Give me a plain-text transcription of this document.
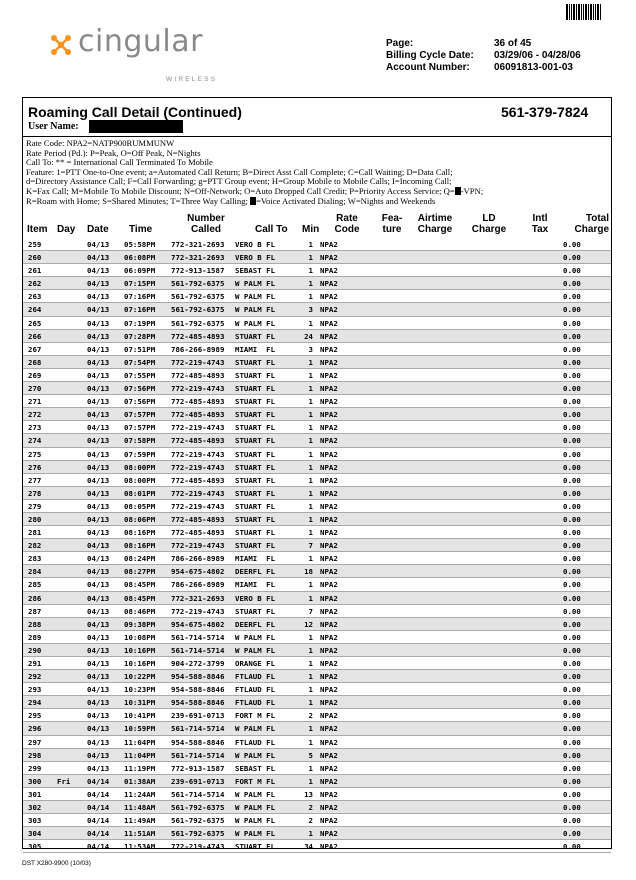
cingular
WIRELESS
Page:	36 of 45
Billing Cycle Date:	03/29/06 - 04/28/06
Account Number:	06091813-001-03
Roaming Call Detail (Continued)	561-379-7824
User Name:
Rate Code: NPA2=NATP900RUMMUNW
Rate Period (Pd.): P=Peak, O=Off Peak, N=Nights
Call To: ** = International Call Terminated To Mobile
Feature: 1=PTT One-to-One event; a=Automated Call Return; B=Direct Asst Call Complete; C=Call Waiting; D=Data Call;
d=Directory Assistance Call; F=Call Forwarding; g=PTT Group event; H=Group Mobile to Mobile Calls; I=Incoming Call;
K=Fax Call; M=Mobile To Mobile Discount; N=Off-Network; O=Auto Dropped Call Credit; P=Priority Access Service; Q= -VPN;
R=Roam with Home; S=Shared Minutes; T=Three Way Calling; =Voice Activated Dialing; W=Nights and Weekends
Item Day Date Time
Number
Called	Call To Min
Rate
Code
Fea-
ture
Airtime
Charge
LD
Charge
Intl
Tax
Total
Charge
259	04/13 05:58PM 772-321-2693 VERO B FL	1 NPA2	0.00
260	04/13 06:08PM 772-321-2693 VERO B FL	1 NPA2	0.00
261	04/13 06:09PM 772-913-1587 SEBAST FL	1 NPA2	0.00
262	04/13 07:15PM 561-792-6375 W PALM FL	1 NPA2	0.00
263	04/13 07:16PM 561-792-6375 W PALM FL	1 NPA2	0.00
264	04/13 07:16PM 561-792-6375 W PALM FL	3 NPA2	0.00
265	04/13 07:19PM 561-792-6375 W PALM FL	1 NPA2	0.00
266	04/13 07:28PM 772-485-4893 STUART FL	24 NPA2	0.00
267	04/13 07:51PM 786-266-8989 MIAMI  FL	3 NPA2	0.00
268	04/13 07:54PM 772-219-4743 STUART FL	1 NPA2	0.00
269	04/13 07:55PM 772-485-4893 STUART FL	1 NPA2	0.00
270	04/13 07:56PM 772-219-4743 STUART FL	1 NPA2	0.00
271	04/13 07:56PM 772-485-4893 STUART FL	1 NPA2	0.00
272	04/13 07:57PM 772-485-4893 STUART FL	1 NPA2	0.00
273	04/13 07:57PM 772-219-4743 STUART FL	1 NPA2	0.00
274	04/13 07:58PM 772-485-4893 STUART FL	1 NPA2	0.00
275	04/13 07:59PM 772-219-4743 STUART FL	1 NPA2	0.00
276	04/13 08:00PM 772-219-4743 STUART FL	1 NPA2	0.00
277	04/13 08:00PM 772-485-4893 STUART FL	1 NPA2	0.00
278	04/13 08:01PM 772-219-4743 STUART FL	1 NPA2	0.00
279	04/13 08:05PM 772-219-4743 STUART FL	1 NPA2	0.00
280	04/13 08:06PM 772-485-4893 STUART FL	1 NPA2	0.00
281	04/13 08:16PM 772-485-4893 STUART FL	1 NPA2	0.00
282	04/13 08:16PM 772-219-4743 STUART FL	7 NPA2	0.00
283	04/13 08:24PM 786-266-8989 MIAMI  FL	1 NPA2	0.00
284	04/13 08:27PM 954-675-4802 DEERFL FL	18 NPA2	0.00
285	04/13 08:45PM 786-266-8989 MIAMI  FL	1 NPA2	0.00
286	04/13 08:45PM 772-321-2693 VERO B FL	1 NPA2	0.00
287	04/13 08:46PM 772-219-4743 STUART FL	7 NPA2	0.00
288	04/13 09:38PM 954-675-4802 DEERFL FL	12 NPA2	0.00
289	04/13 10:08PM 561-714-5714 W PALM FL	1 NPA2	0.00
290	04/13 10:16PM 561-714-5714 W PALM FL	1 NPA2	0.00
291	04/13 10:16PM 904-272-3799 ORANGE FL	1 NPA2	0.00
292	04/13 10:22PM 954-588-8846 FTLAUD FL	1 NPA2	0.00
293	04/13 10:23PM 954-588-8846 FTLAUD FL	1 NPA2	0.00
294	04/13 10:31PM 954-588-8846 FTLAUD FL	1 NPA2	0.00
295	04/13 10:41PM 239-691-0713 FORT M FL	2 NPA2	0.00
296	04/13 10:59PM 561-714-5714 W PALM FL	1 NPA2	0.00
297	04/13 11:04PM 954-588-8846 FTLAUD FL	1 NPA2	0.00
298	04/13 11:04PM 561-714-5714 W PALM FL	5 NPA2	0.00
299	04/13 11:19PM 772-913-1587 SEBAST FL	1 NPA2	0.00
300 Fri 04/14 01:38AM 239-691-0713 FORT M FL	1 NPA2	0.00
301	04/14 11:24AM 561-714-5714 W PALM FL	13 NPA2	0.00
302	04/14 11:48AM 561-792-6375 W PALM FL	2 NPA2	0.00
303	04/14 11:49AM 561-792-6375 W PALM FL	2 NPA2	0.00
304	04/14 11:51AM 561-792-6375 W PALM FL	1 NPA2	0.00
305	04/14 11:53AM 772-219-4743 STUART FL	34 NPA2	0.00
DST X280-9900 (10/03)
